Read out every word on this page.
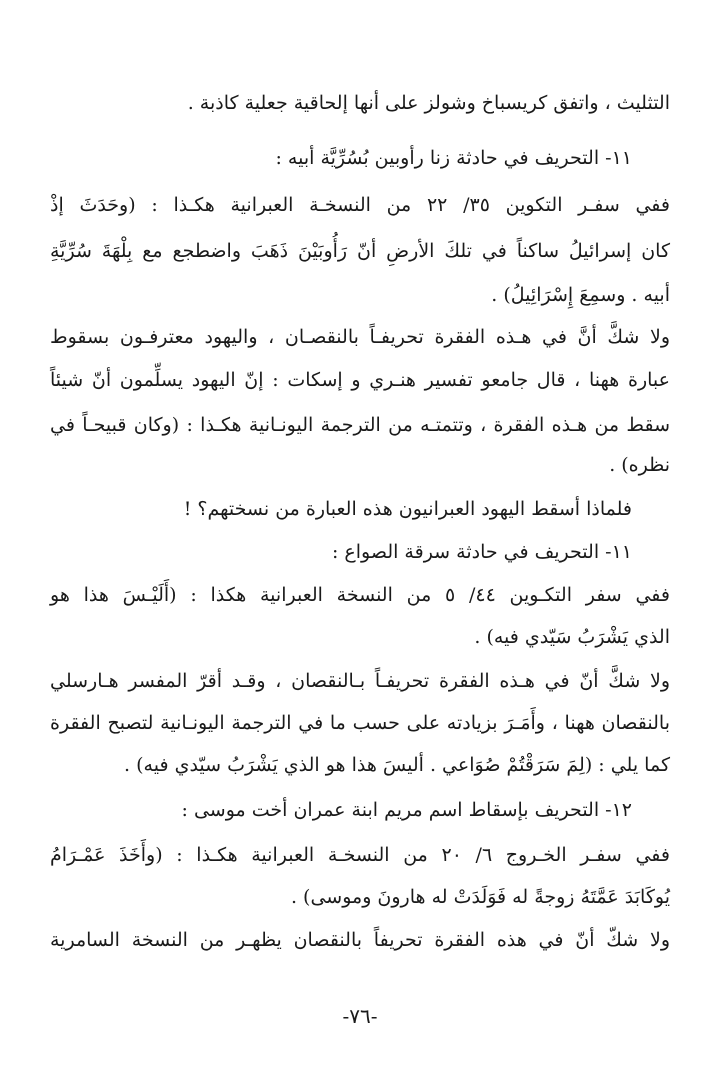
التثليث ، واتفق كريسباخ وشولز على أنها إلحاقية جعلية كاذبة .
١١- التحريف في حادثة زنا رأوبين بُسُرِّيَّة أبيه :
ففي سفـر التكوين ٣٥/ ٢٢ من النسخـة العبرانية هكـذا : (وحَدَثَ إذْ
كان إسرائيلُ ساكناً في تلكَ الأرضِ أنّ رَأُوبَيْنَ ذَهَبَ واضطجع مع بِلْهَةَ سُرِّيَّةِ
أبيه . وسمِعَ إِسْرَائِيلُ) .
ولا شكَّ أنَّ في هـذه الفقرة تحريفـاً بالنقصـان ، واليهود معترفـون بسقوط
عبارة ههنا ، قال جامعو تفسير هنـري و إسكات : إنّ اليهود يسلِّمون أنّ شيئاً
سقط من هـذه الفقرة ، وتتمتـه من الترجمة اليونـانية هكـذا : (وكان قبيحـاً في
نظره) .
فلماذا أسقط اليهود العبرانيون هذه العبارة من نسختهم؟ !
١١- التحريف في حادثة سرقة الصواع :
ففي سفر التكـوين ٤٤/ ٥ من النسخة العبرانية هكذا : (أَلَيْـسَ هذا هو
الذي يَشْرَبُ سَيّدي فيه) .
ولا شكَّ أنّ في هـذه الفقرة تحريفـاً بـالنقصان ، وقـد أقرّ المفسر هـارسلي
بالنقصان ههنا ، وأَمَـرَ بزيادته على حسب ما في الترجمة اليونـانية لتصبح الفقرة
كما يلي : (لِمَ سَرَقْتُمْ صُوَاعي . أليسَ هذا هو الذي يَشْرَبُ سيّدي فيه) .
١٢- التحريف بإسقاط اسم مريم ابنة عمران أخت موسى :
ففي سفـر الخـروج ٦/ ٢٠ من النسخـة العبرانية هكـذا : (وأَخَذَ عَمْـرَامُ
يُوكَابَدَ عَمَّتَهُ زوجةً له فَوَلَدَتْ له هارونَ وموسى) .
ولا شكّ أنّ في هذه الفقرة تحريفاً بالنقصان يظهـر من النسخة السامرية
-٧٦-
